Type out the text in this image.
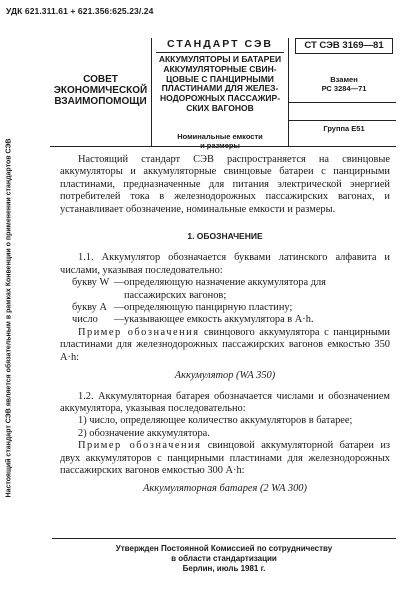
УДК 621.311.61 + 621.356:625.23/.24
Настоящий стандарт СЭВ является обязательным в рамках Конвенции о применении стандартов СЭВ
СОВЕТ
ЭКОНОМИЧЕСКОЙ
ВЗАИМОПОМОЩИ
СТАНДАРТ СЭВ
АККУМУЛЯТОРЫ И БАТАРЕИ
АККУМУЛЯТОРНЫЕ СВИН-
ЦОВЫЕ С ПАНЦИРНЫМИ
ПЛАСТИНАМИ ДЛЯ ЖЕЛЕЗ-
НОДОРОЖНЫХ ПАССАЖИР-
СКИХ ВАГОНОВ
Номинальные емкости
и размеры
СТ СЭВ 3169—81
Взамен
РС 3284—71
Группа Е51

Настоящий стандарт СЭВ распространяется на свинцовые аккумуляторы и аккумуляторные свинцовые батареи с панцирными пластинами, предназначенные для питания электрической энергией потребителей тока в железнодорожных пассажирских вагонах, и устанавливает обозначение, номинальные емкости и размеры.

1. ОБОЗНАЧЕНИЕ

1.1. Аккумулятор обозначается буквами латинского алфавита и числами, указывая последовательно:

букву W — определяющую назначение аккумулятора для пассажирских вагонов;
букву A — определяющую панцирную пластину;
число	— указывающее емкость аккумулятора в A·h.

Пример обозначения свинцового аккумулятора с панцирными пластинами для железнодорожных пассажирских вагонов емкостью 350 A·h:

Аккумулятор (WA 350)

1.2. Аккумуляторная батарея обозначается числами и обозначением аккумулятора, указывая последовательно:

1) число, определяющее количество аккумуляторов в батарее;

2) обозначение аккумулятора.

Пример обозначения свинцовой аккумуляторной батареи из двух аккумуляторов с панцирными пластинами для железнодорожных пассажирских вагонов емкостью 300 A·h:

Аккумуляторная батарея (2 WA 300)
Утвержден Постоянной Комиссией по сотрудничеству
в области стандартизации
Берлин, июль 1981 г.
